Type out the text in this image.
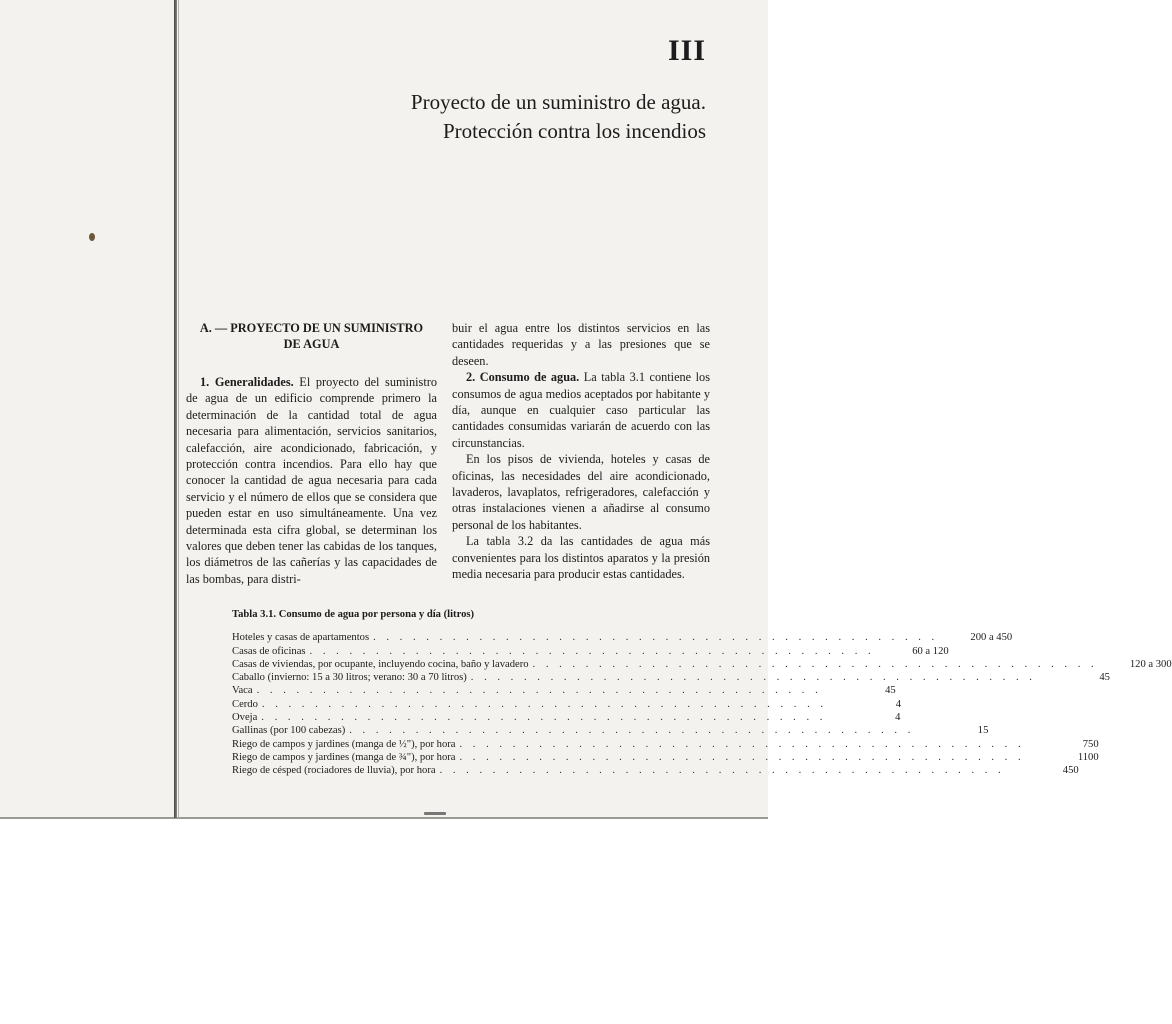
III
Proyecto de un suministro de agua.
Protección contra los incendios
A. — PROYECTO DE UN SUMINISTRO
DE AGUA

1. Generalidades. El proyecto del suministro de agua de un edificio comprende primero la determinación de la cantidad total de agua necesaria para alimentación, servicios sanitarios, calefacción, aire acondicionado, fabricación, y protección contra incendios. Para ello hay que conocer la cantidad de agua necesaria para cada servicio y el número de ellos que se considera que pueden estar en uso simultáneamente. Una vez determinada esta cifra global, se determinan los valores que deben tener las cabidas de los tanques, los diámetros de las cañerías y las capacidades de las bombas, para distri-

buir el agua entre los distintos servicios en las cantidades requeridas y a las presiones que se deseen.

2. Consumo de agua. La tabla 3.1 contiene los consumos de agua medios aceptados por habitante y día, aunque en cualquier caso particular las cantidades consumidas variarán de acuerdo con las circunstancias.

En los pisos de vivienda, hoteles y casas de oficinas, las necesidades del aire acondicionado, lavaderos, lavaplatos, refrigeradores, calefacción y otras instalaciones vienen a añadirse al consumo personal de los habitantes.

La tabla 3.2 da las cantidades de agua más convenientes para los distintos aparatos y la presión media necesaria para producir estas cantidades.

Tabla 3.1. Consumo de agua por persona y día (litros)
Hoteles y casas de apartamentos . . . . . . . . . . . . . . . . . . . . . . . . . . . . . . . . . . . . . . . . . . .	200 a 450
Casas de oficinas . . . . . . . . . . . . . . . . . . . . . . . . . . . . . . . . . . . . . . . . . . .	60 a 120
Casas de viviendas, por ocupante, incluyendo cocina, baño y lavadero . . . . . . . . . . . . . . . . . . . . . . . . . . . . . . . . . . . . . . . . . . .	120 a 300
Caballo (invierno: 15 a 30 litros; verano: 30 a 70 litros) . . . . . . . . . . . . . . . . . . . . . . . . . . . . . . . . . . . . . . . . . . .	45
Vaca . . . . . . . . . . . . . . . . . . . . . . . . . . . . . . . . . . . . . . . . . . .	45
Cerdo . . . . . . . . . . . . . . . . . . . . . . . . . . . . . . . . . . . . . . . . . . .	4
Oveja . . . . . . . . . . . . . . . . . . . . . . . . . . . . . . . . . . . . . . . . . . .	4
Gallinas (por 100 cabezas) . . . . . . . . . . . . . . . . . . . . . . . . . . . . . . . . . . . . . . . . . . .	15
Riego de campos y jardines (manga de ½"), por hora . . . . . . . . . . . . . . . . . . . . . . . . . . . . . . . . . . . . . . . . . . .	750
Riego de campos y jardines (manga de ¾"), por hora . . . . . . . . . . . . . . . . . . . . . . . . . . . . . . . . . . . . . . . . . . .	1100
Riego de césped (rociadores de lluvia), por hora . . . . . . . . . . . . . . . . . . . . . . . . . . . . . . . . . . . . . . . . . . .	450
